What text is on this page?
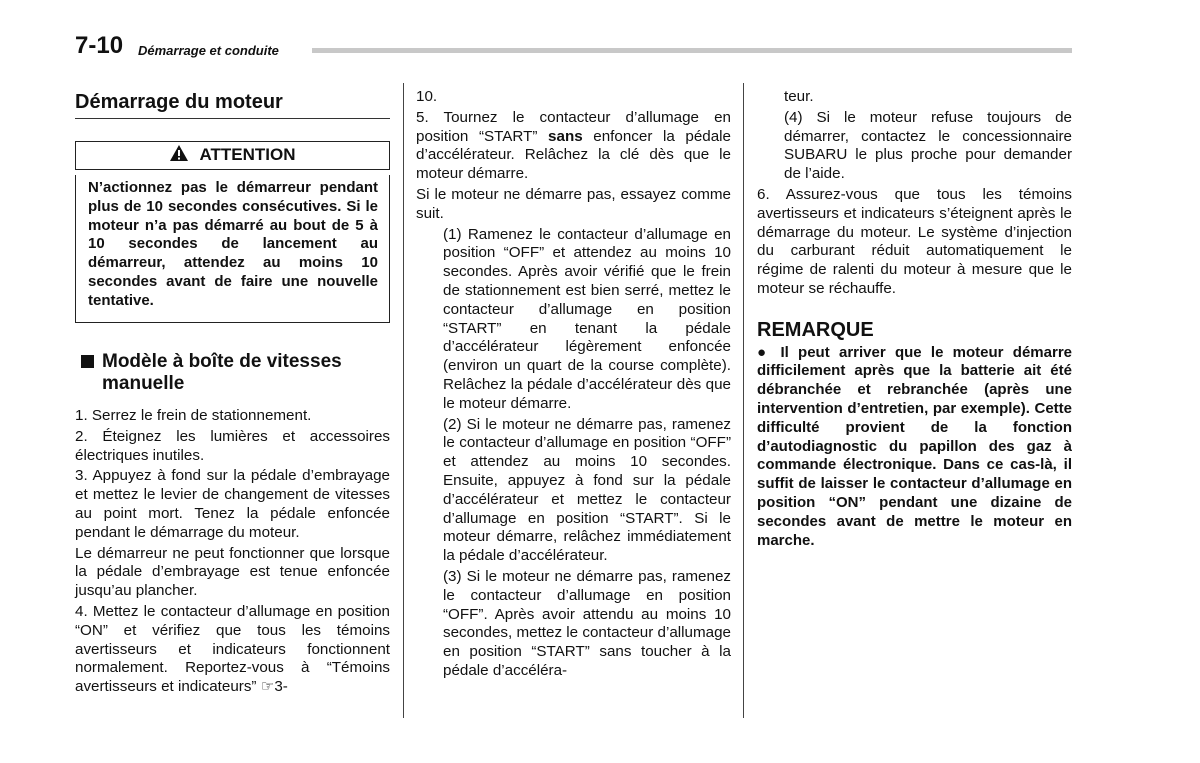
7-10 Démarrage et conduite
Démarrage du moteur
ATTENTION
N’actionnez pas le démarreur pendant plus de 10 secondes consécutives. Si le moteur n’a pas démarré au bout de 5 à 10 secondes de lancement au démarreur, attendez au moins 10 secondes avant de faire une nouvelle tentative.
Modèle à boîte de vitesses manuelle

1. Serrez le frein de stationnement.

2. Éteignez les lumières et accessoires électriques inutiles.

3. Appuyez à fond sur la pédale d’embrayage et mettez le levier de changement de vitesses au point mort. Tenez la pédale enfoncée pendant le démarrage du moteur.

Le démarreur ne peut fonctionner que lorsque la pédale d’embrayage est tenue enfoncée jusqu’au plancher.

4. Mettez le contacteur d’allumage en position “ON” et vérifiez que tous les témoins avertisseurs et indicateurs fonctionnent normalement. Reportez-vous à “Témoins avertisseurs et indicateurs” ☞3-

10.

5. Tournez le contacteur d’allumage en position “START” sans enfoncer la pédale d’accélérateur. Relâchez la clé dès que le moteur démarre.

Si le moteur ne démarre pas, essayez comme suit.

(1) Ramenez le contacteur d’allumage en position “OFF” et attendez au moins 10 secondes. Après avoir vérifié que le frein de stationnement est bien serré, mettez le contacteur d’allumage en position “START” en tenant la pédale d’accélérateur légèrement enfoncée (environ un quart de la course complète). Relâchez la pédale d’accélérateur dès que le moteur démarre.

(2) Si le moteur ne démarre pas, ramenez le contacteur d’allumage en position “OFF” et attendez au moins 10 secondes. Ensuite, appuyez à fond sur la pédale d’accélérateur et mettez le contacteur d’allumage en position “START”. Si le moteur démarre, relâchez immédiatement la pédale d’accélérateur.

(3) Si le moteur ne démarre pas, ramenez le contacteur d’allumage en position “OFF”. Après avoir attendu au moins 10 secondes, mettez le contacteur d’allumage en position “START” sans toucher à la pédale d’accéléra-

teur.

(4) Si le moteur refuse toujours de démarrer, contactez le concessionnaire SUBARU le plus proche pour demander de l’aide.

6. Assurez-vous que tous les témoins avertisseurs et indicateurs s’éteignent après le démarrage du moteur. Le système d’injection du carburant réduit automatiquement le régime de ralenti du moteur à mesure que le moteur se réchauffe.

REMARQUE
● Il peut arriver que le moteur démarre difficilement après que la batterie ait été débranchée et rebranchée (après une intervention d’entretien, par exemple). Cette difficulté provient de la fonction d’autodiagnostic du papillon des gaz à commande électronique. Dans ce cas-là, il suffit de laisser le contacteur d’allumage en position “ON” pendant une dizaine de secondes avant de mettre le moteur en marche.
